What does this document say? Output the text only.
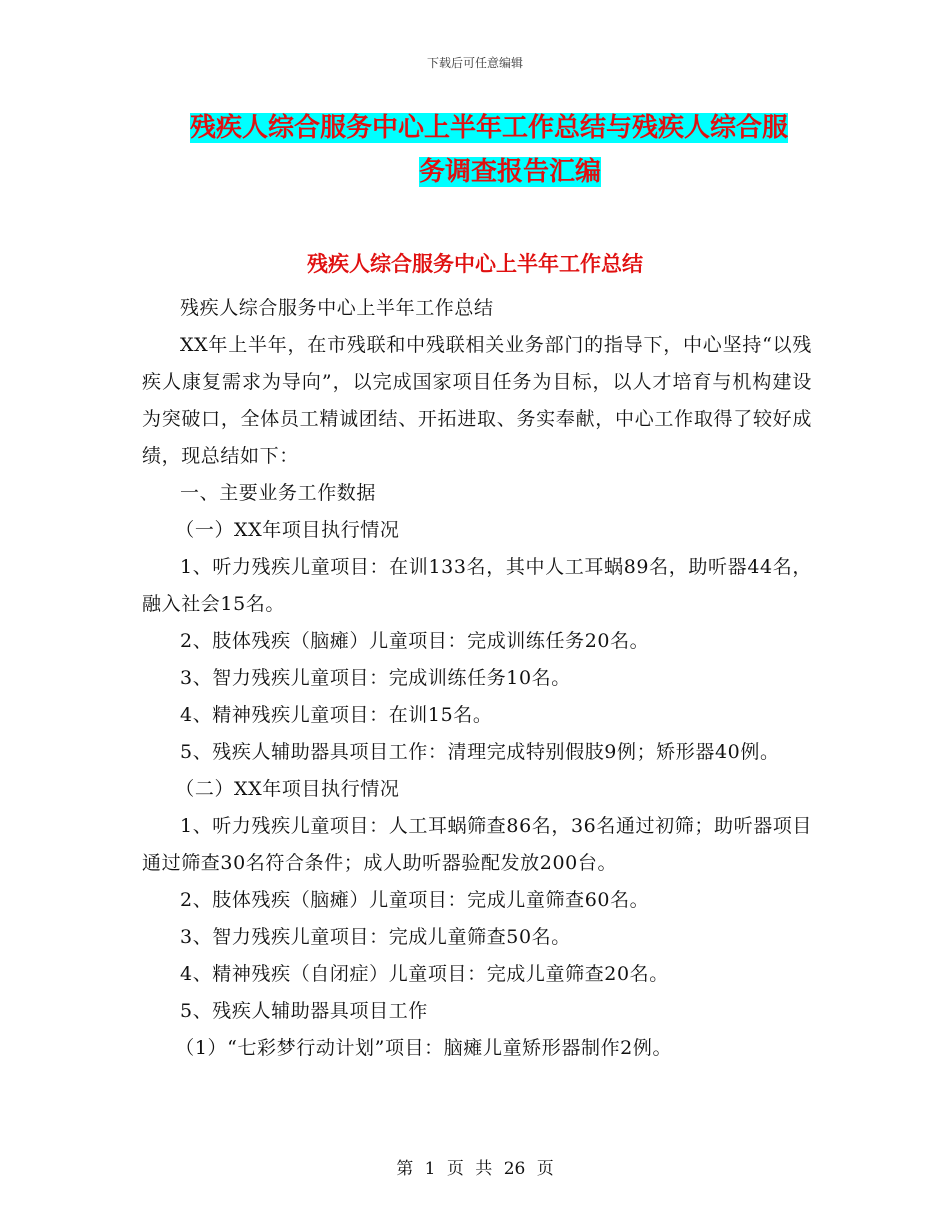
下载后可任意编辑
残疾人综合服务中心上半年工作总结与残疾人综合服
务调查报告汇编
残疾人综合服务中心上半年工作总结

残疾人综合服务中心上半年工作总结

XX年上半年，在市残联和中残联相关业务部门的指导下，中心坚持“以残疾人康复需求为导向”，以完成国家项目任务为目标，以人才培育与机构建设为突破口，全体员工精诚团结、开拓进取、务实奉献，中心工作取得了较好成绩，现总结如下：

一、主要业务工作数据

（一）XX年项目执行情况

1、听力残疾儿童项目：在训133名，其中人工耳蜗89名，助听器44名，融入社会15名。

2、肢体残疾（脑瘫）儿童项目：完成训练任务20名。

3、智力残疾儿童项目：完成训练任务10名。

4、精神残疾儿童项目：在训15名。

5、残疾人辅助器具项目工作：清理完成特别假肢9例；矫形器40例。

（二）XX年项目执行情况

1、听力残疾儿童项目：人工耳蜗筛查86名，36名通过初筛；助听器项目通过筛查30名符合条件；成人助听器验配发放200台。

2、肢体残疾（脑瘫）儿童项目：完成儿童筛查60名。

3、智力残疾儿童项目：完成儿童筛查50名。

4、精神残疾（自闭症）儿童项目：完成儿童筛查20名。

5、残疾人辅助器具项目工作

（1）“七彩梦行动计划”项目：脑瘫儿童矫形器制作2例。

第 1 页 共 26 页
